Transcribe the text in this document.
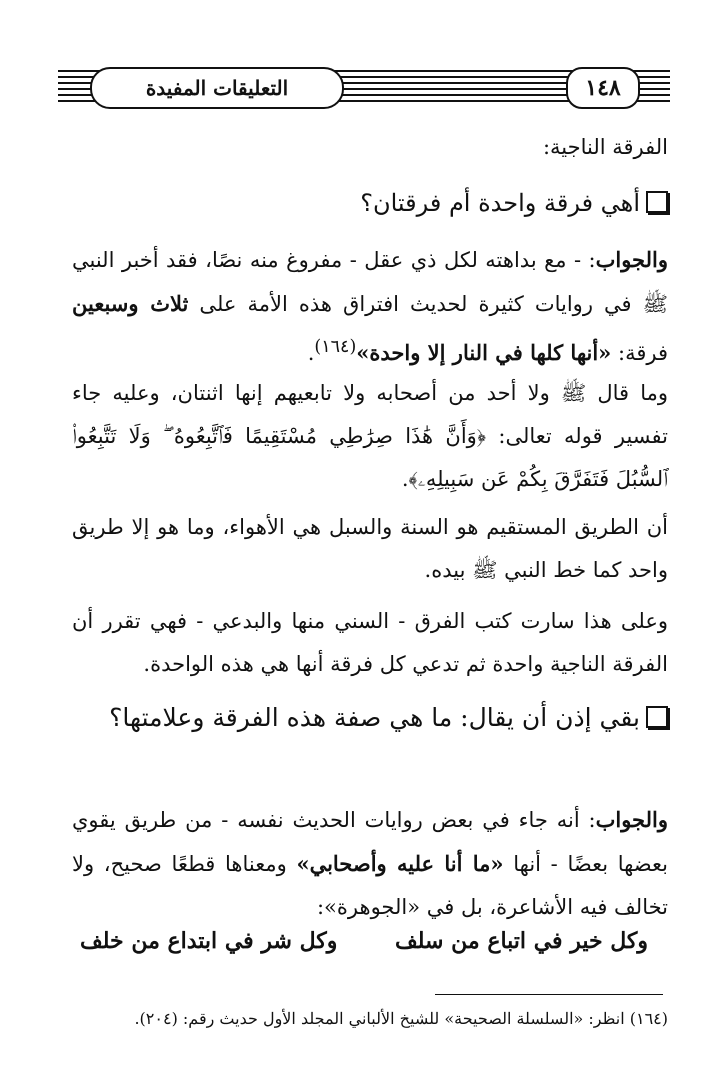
التعليقات المفيدة	١٤٨
الفرقة الناجية:
أهي فرقة واحدة أم فرقتان؟
والجواب: - مع بداهته لكل ذي عقل - مفروغ منه نصًا، فقد أخبر النبي ﷺ في روايات كثيرة لحديث افتراق هذه الأمة على ثلاث وسبعين فرقة: «أنها كلها في النار إلا واحدة»$^{(١٦٤)}$.
وما قال ﷺ ولا أحد من أصحابه ولا تابعيهم إنها اثنتان، وعليه جاء تفسير قوله تعالى: ﴿وَأَنَّ هَٰذَا صِرَٰطِي مُسْتَقِيمًا فَٱتَّبِعُوهُ ۖ وَلَا تَتَّبِعُوا۟ ٱلسُّبُلَ فَتَفَرَّقَ بِكُمْ عَن سَبِيلِهِۦ﴾.
أن الطريق المستقيم هو السنة والسبل هي الأهواء، وما هو إلا طريق واحد كما خط النبي ﷺ بيده.
وعلى هذا سارت كتب الفرق - السني منها والبدعي - فهي تقرر أن الفرقة الناجية واحدة ثم تدعي كل فرقة أنها هي هذه الواحدة.
بقي إذن أن يقال: ما هي صفة هذه الفرقة وعلامتها؟
والجواب: أنه جاء في بعض روايات الحديث نفسه - من طريق يقوي بعضها بعضًا - أنها «ما أنا عليه وأصحابي» ومعناها قطعًا صحيح، ولا تخالف فيه الأشاعرة، بل في «الجوهرة»:
وكل خير في اتباع من سلف
وكل شر في ابتداع من خلف
(١٦٤) انظر: «السلسلة الصحيحة» للشيخ الألباني المجلد الأول حديث رقم: (٢٠٤).
